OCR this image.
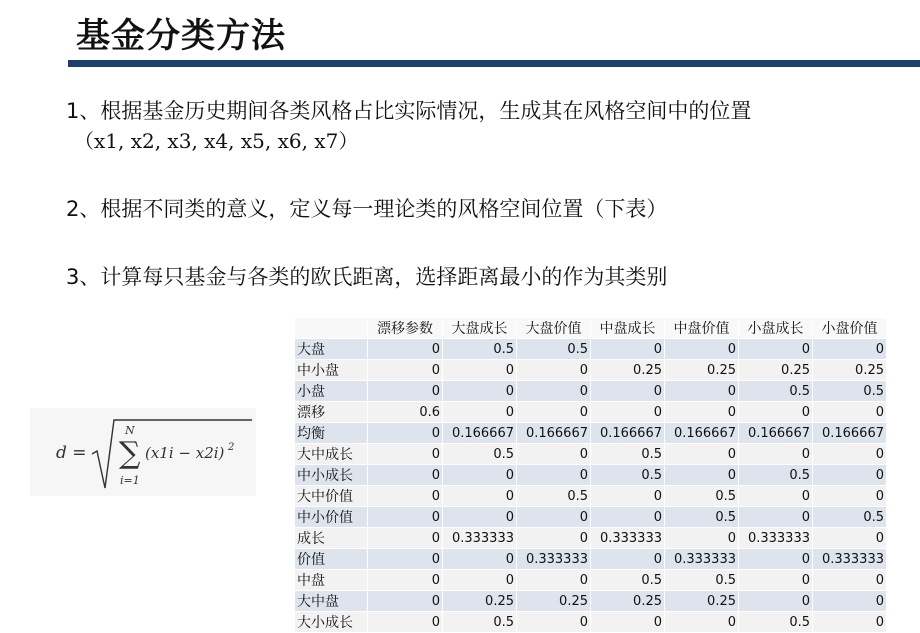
基金分类方法
1、根据基金历史期间各类风格占比实际情况，生成其在风格空间中的位置
（x1, x2, x3, x4, x5, x6, x7）
2、根据不同类的意义，定义每一理论类的风格空间位置（下表）
3、计算每只基金与各类的欧氏距离，选择距离最小的作为其类别
d =
N
∑
i=1
(x1i − x2i) 2
	漂移参数	大盘成长	大盘价值	中盘成长	中盘价值	小盘成长	小盘价值
大盘	0	0.5	0.5	0	0	0	0
中小盘	0	0	0	0.25	0.25	0.25	0.25
小盘	0	0	0	0	0	0.5	0.5
漂移	0.6	0	0	0	0	0	0
均衡	0	0.166667	0.166667	0.166667	0.166667	0.166667	0.166667
大中成长	0	0.5	0	0.5	0	0	0
中小成长	0	0	0	0.5	0	0.5	0
大中价值	0	0	0.5	0	0.5	0	0
中小价值	0	0	0	0	0.5	0	0.5
成长	0	0.333333	0	0.333333	0	0.333333	0
价值	0	0	0.333333	0	0.333333	0	0.333333
中盘	0	0	0	0.5	0.5	0	0
大中盘	0	0.25	0.25	0.25	0.25	0	0
大小成长	0	0.5	0	0	0	0.5	0
